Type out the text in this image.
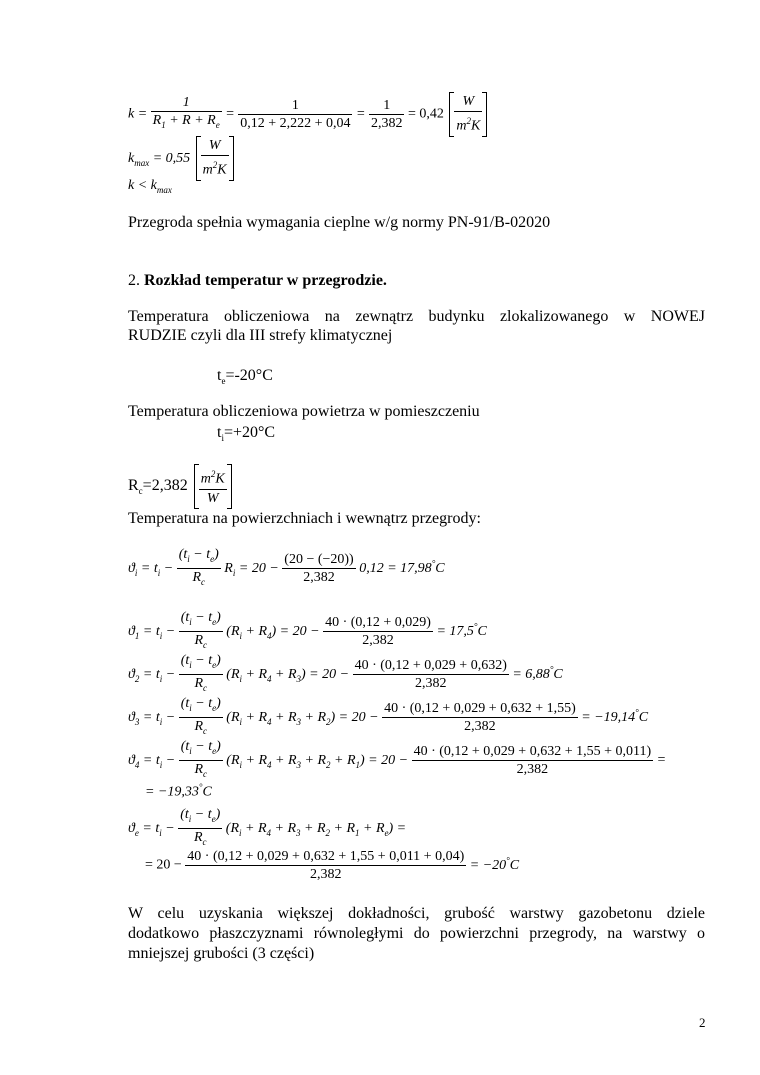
$k = \frac{1}{R_1 + R + R_e} = \frac{1}{0,12 + 2,222 + 0,04} = \frac{1}{2,382} = 0,42 \frac{W}{m^2K}$
$k_{max} = 0,55 \frac{W}{m^2K}$
$k < k_{max}$
Przegroda spełnia wymagania cieplne w/g normy PN-91/B-02020
2. Rozkład temperatur w przegrodzie.
Temperatura obliczeniowa na zewnątrz budynku zlokalizowanego w NOWEJ
RUDZIE czyli dla III strefy klimatycznej
$t_e=-20^\circ C$
Temperatura obliczeniowa powietrza w pomieszczeniu
$t_i=+20^\circ C$
$R_c=2,382 \frac{m^2K}{W}$
Temperatura na powierzchniach i wewnątrz przegrody:
$ϑ_i = t_i - \frac{(t_i - t_e)}{R_c} R_i = 20 - \frac{(20 - (-20))}{2,382} 0,12 = 17,98^\circ C$
$ϑ_1 = t_i - \frac{(t_i - t_e)}{R_c} (R_i + R_4) = 20 - \frac{40 \cdot (0,12 + 0,029)}{2,382} = 17,5^\circ C$
$ϑ_2 = t_i - \frac{(t_i - t_e)}{R_c} (R_i + R_4 + R_3) = 20 - \frac{40 \cdot (0,12 + 0,029 + 0,632)}{2,382} = 6,88^\circ C$
$ϑ_3 = t_i - \frac{(t_i - t_e)}{R_c} (R_i + R_4 + R_3 + R_2) = 20 - \frac{40 \cdot (0,12 + 0,029 + 0,632 + 1,55)}{2,382} = -19,14^\circ C$
$ϑ_4 = t_i - \frac{(t_i - t_e)}{R_c} (R_i + R_4 + R_3 + R_2 + R_1) = 20 - \frac{40 \cdot (0,12 + 0,029 + 0,632 + 1,55 + 0,011)}{2,382}$ =
= −19,33°C
$ϑ_e = t_i - \frac{(t_i - t_e)}{R_c} (R_i + R_4 + R_3 + R_2 + R_1 + R_e)$ =
= $20 - \frac{40 \cdot (0,12 + 0,029 + 0,632 + 1,55 + 0,011 + 0,04)}{2,382} = -20^\circ C$
W celu uzyskania większej dokładności, grubość warstwy gazobetonu dziele
dodatkowo płaszczyznami równoległymi do powierzchni przegrody, na warstwy o
mniejszej grubości (3 części)
2
